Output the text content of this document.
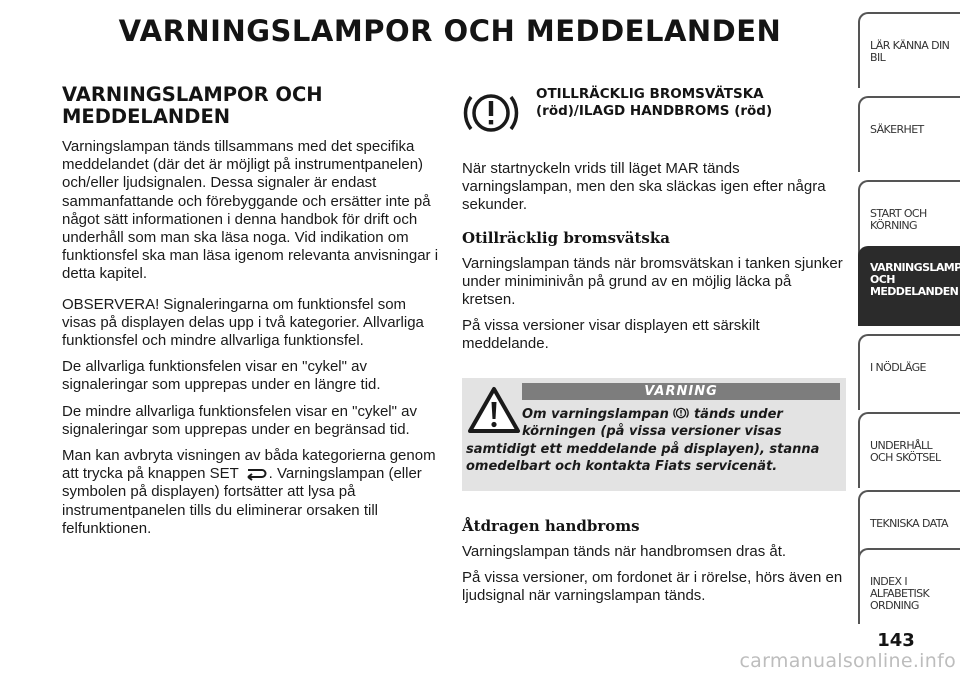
VARNINGSLAMPOR OCH MEDDELANDEN
VARNINGSLAMPOR OCH
MEDDELANDEN

Varningslampan tänds tillsammans med det specifika meddelandet (där det är möjligt på instrumentpanelen) och/eller ljudsignalen. Dessa signaler är endast sammanfattande och förebyggande och ersätter inte på något sätt informationen i denna handbok för drift och underhåll som man ska läsa noga. Vid indikation om funktionsfel ska man läsa igenom relevanta anvisningar i detta kapitel.

OBSERVERA! Signaleringarna om funktionsfel som visas på displayen delas upp i två kategorier. Allvarliga funktionsfel och mindre allvarliga funktionsfel.

De allvarliga funktionsfelen visar en "cykel" av signaleringar som upprepas under en längre tid.

De mindre allvarliga funktionsfelen visar en "cykel" av signaleringar som upprepas under en begränsad tid.

Man kan avbryta visningen av båda kategorierna genom att trycka på knappen SET . Varningslampan (eller symbolen på displayen) fortsätter att lysa på instrumentpanelen tills du eliminerar orsaken till felfunktionen.

OTILLRÄCKLIG BROMSVÄTSKA
(röd)/ILAGD HANDBROMS (röd)

När startnyckeln vrids till läget MAR tänds varningslampan, men den ska släckas igen efter några sekunder.

Otillräcklig bromsvätska

Varningslampan tänds när bromsvätskan i tanken sjunker under miniminivån på grund av en möjlig läcka på kretsen.

På vissa versioner visar displayen ett särskilt meddelande.

VARNING
Om varningslampan tänds under
körningen (på vissa versioner visas
samtidigt ett meddelande på displayen), stanna omedelbart och kontakta Fiats servicenät.
Åtdragen handbroms

Varningslampan tänds när handbromsen dras åt.

På vissa versioner, om fordonet är i rörelse, hörs även en ljudsignal när varningslampan tänds.

LÄR KÄNNA DIN BIL
SÄKERHET
START OCH KÖRNING
VARNINGSLAMPOR OCH MEDDELANDEN
I NÖDLÄGE
UNDERHÅLL OCH SKÖTSEL
TEKNISKA DATA
INDEX I ALFABETISK ORDNING
143
carmanualsonline.info
